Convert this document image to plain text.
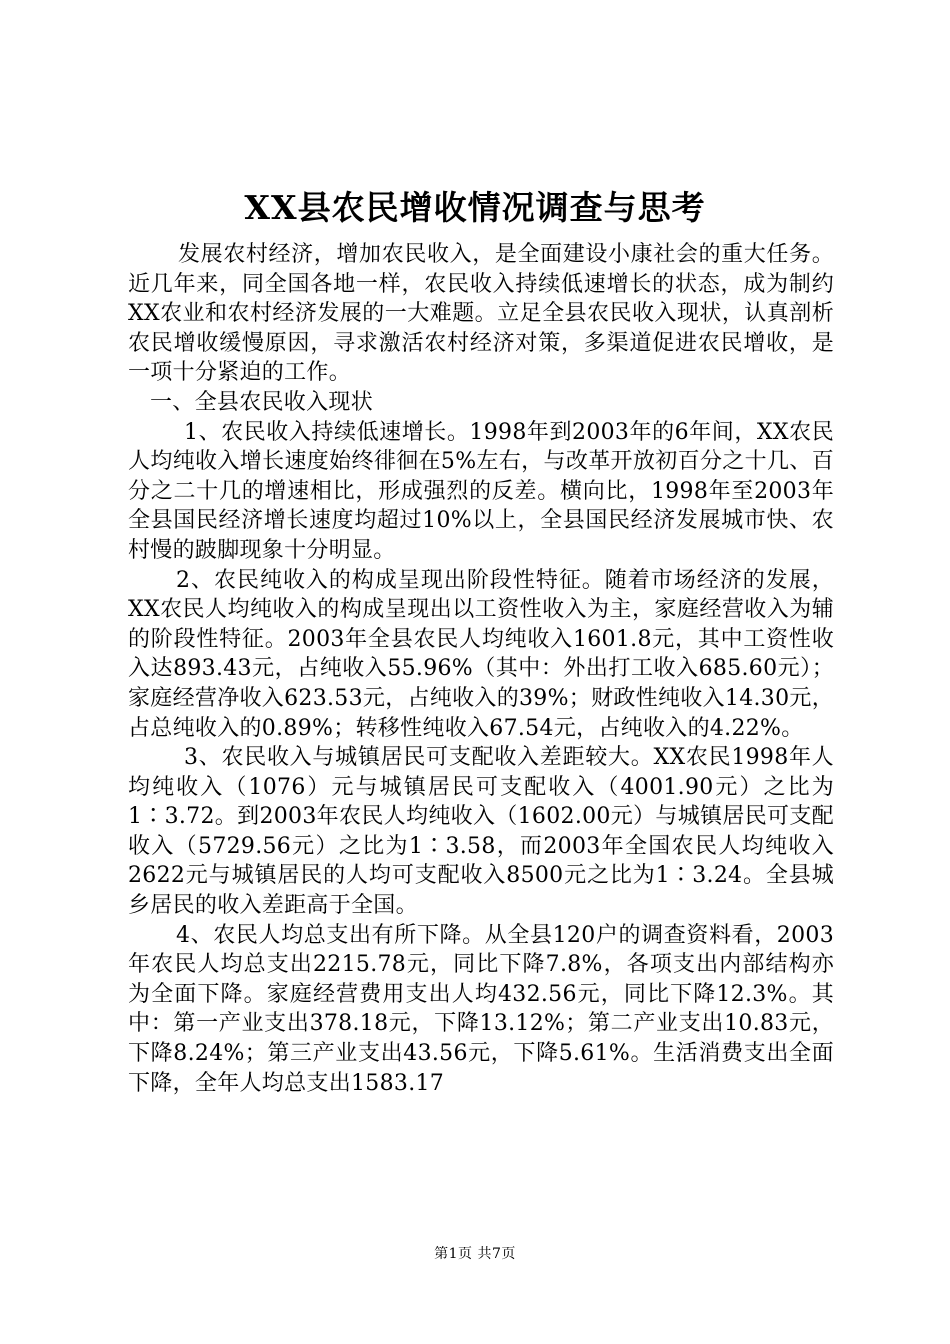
XX县农民增收情况调查与思考

发展农村经济，增加农民收入，是全面建设小康社会的重大任务。近几年来，同全国各地一样，农民收入持续低速增长的状态，成为制约XX农业和农村经济发展的一大难题。立足全县农民收入现状，认真剖析农民增收缓慢原因，寻求激活农村经济对策，多渠道促进农民增收，是一项十分紧迫的工作。

一、全县农民收入现状

1、农民收入持续低速增长。1998年到2003年的6年间，XX农民人均纯收入增长速度始终徘徊在5%左右，与改革开放初百分之十几、百分之二十几的增速相比，形成强烈的反差。横向比，1998年至2003年全县国民经济增长速度均超过10%以上，全县国民经济发展城市快、农村慢的跛脚现象十分明显。

2、农民纯收入的构成呈现出阶段性特征。随着市场经济的发展，XX农民人均纯收入的构成呈现出以工资性收入为主，家庭经营收入为辅的阶段性特征。2003年全县农民人均纯收入1601.8元，其中工资性收入达893.43元，占纯收入55.96%（其中：外出打工收入685.60元）；家庭经营净收入623.53元，占纯收入的39%；财政性纯收入14.30元，占总纯收入的0.89%；转移性纯收入67.54元，占纯收入的4.22%。

3、农民收入与城镇居民可支配收入差距较大。XX农民1998年人均纯收入（1076）元与城镇居民可支配收入（4001.90元）之比为1∶3.72。到2003年农民人均纯收入（1602.00元）与城镇居民可支配收入（5729.56元）之比为1∶3.58，而2003年全国农民人均纯收入2622元与城镇居民的人均可支配收入8500元之比为1∶3.24。全县城乡居民的收入差距高于全国。

4、农民人均总支出有所下降。从全县120户的调查资料看，2003年农民人均总支出2215.78元，同比下降7.8%，各项支出内部结构亦为全面下降。家庭经营费用支出人均432.56元，同比下降12.3%。其中：第一产业支出378.18元，下降13.12%；第二产业支出10.83元，下降8.24%；第三产业支出43.56元，下降5.61%。生活消费支出全面下降，全年人均总支出1583.17

第1页 共7页
